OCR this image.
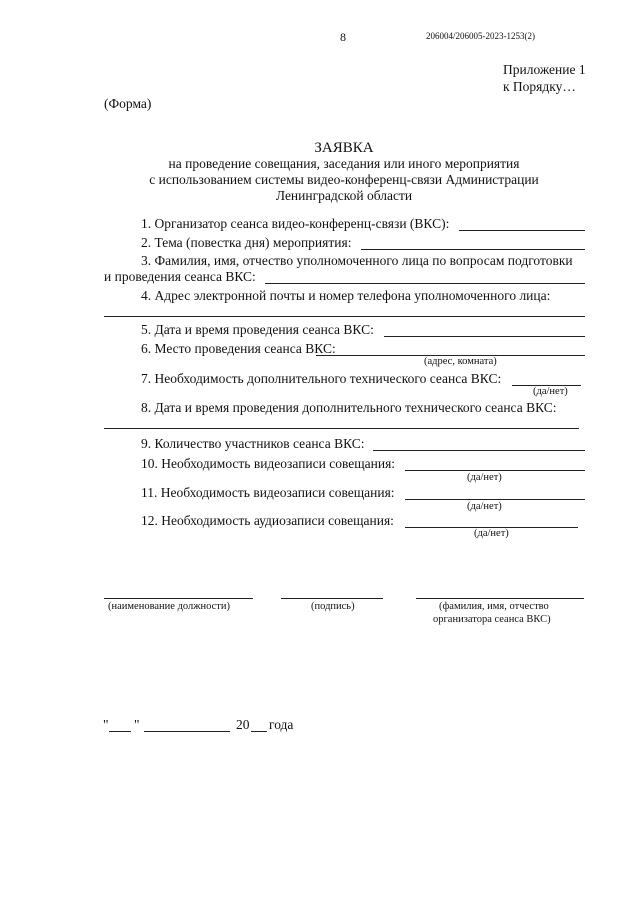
8	206004/206005-2023-1253(2)
Приложение 1
к Порядку…
(Форма)
ЗАЯВКА
на проведение совещания, заседания или иного мероприятия
с использованием системы видео-конференц-связи Администрации
Ленинградской области
1. Организатор сеанса видео-конференц-связи (ВКС):
2. Тема (повестка дня) мероприятия:
3. Фамилия, имя, отчество уполномоченного лица по вопросам подготовки
и проведения сеанса ВКС:
4. Адрес электронной почты и номер телефона уполномоченного лица:
5. Дата и время проведения сеанса ВКС:
6. Место проведения сеанса ВКС:
(адрес, комната)
7. Необходимость дополнительного технического сеанса ВКС:
(да/нет)
8. Дата и время проведения дополнительного технического сеанса ВКС:
9. Количество участников сеанса ВКС:
10. Необходимость видеозаписи совещания:
(да/нет)
11. Необходимость видеозаписи совещания:
(да/нет)
12. Необходимость аудиозаписи совещания:
(да/нет)
(наименование должности)	(подпись)	(фамилия, имя, отчество
организатора сеанса ВКС)
" "	20 года
